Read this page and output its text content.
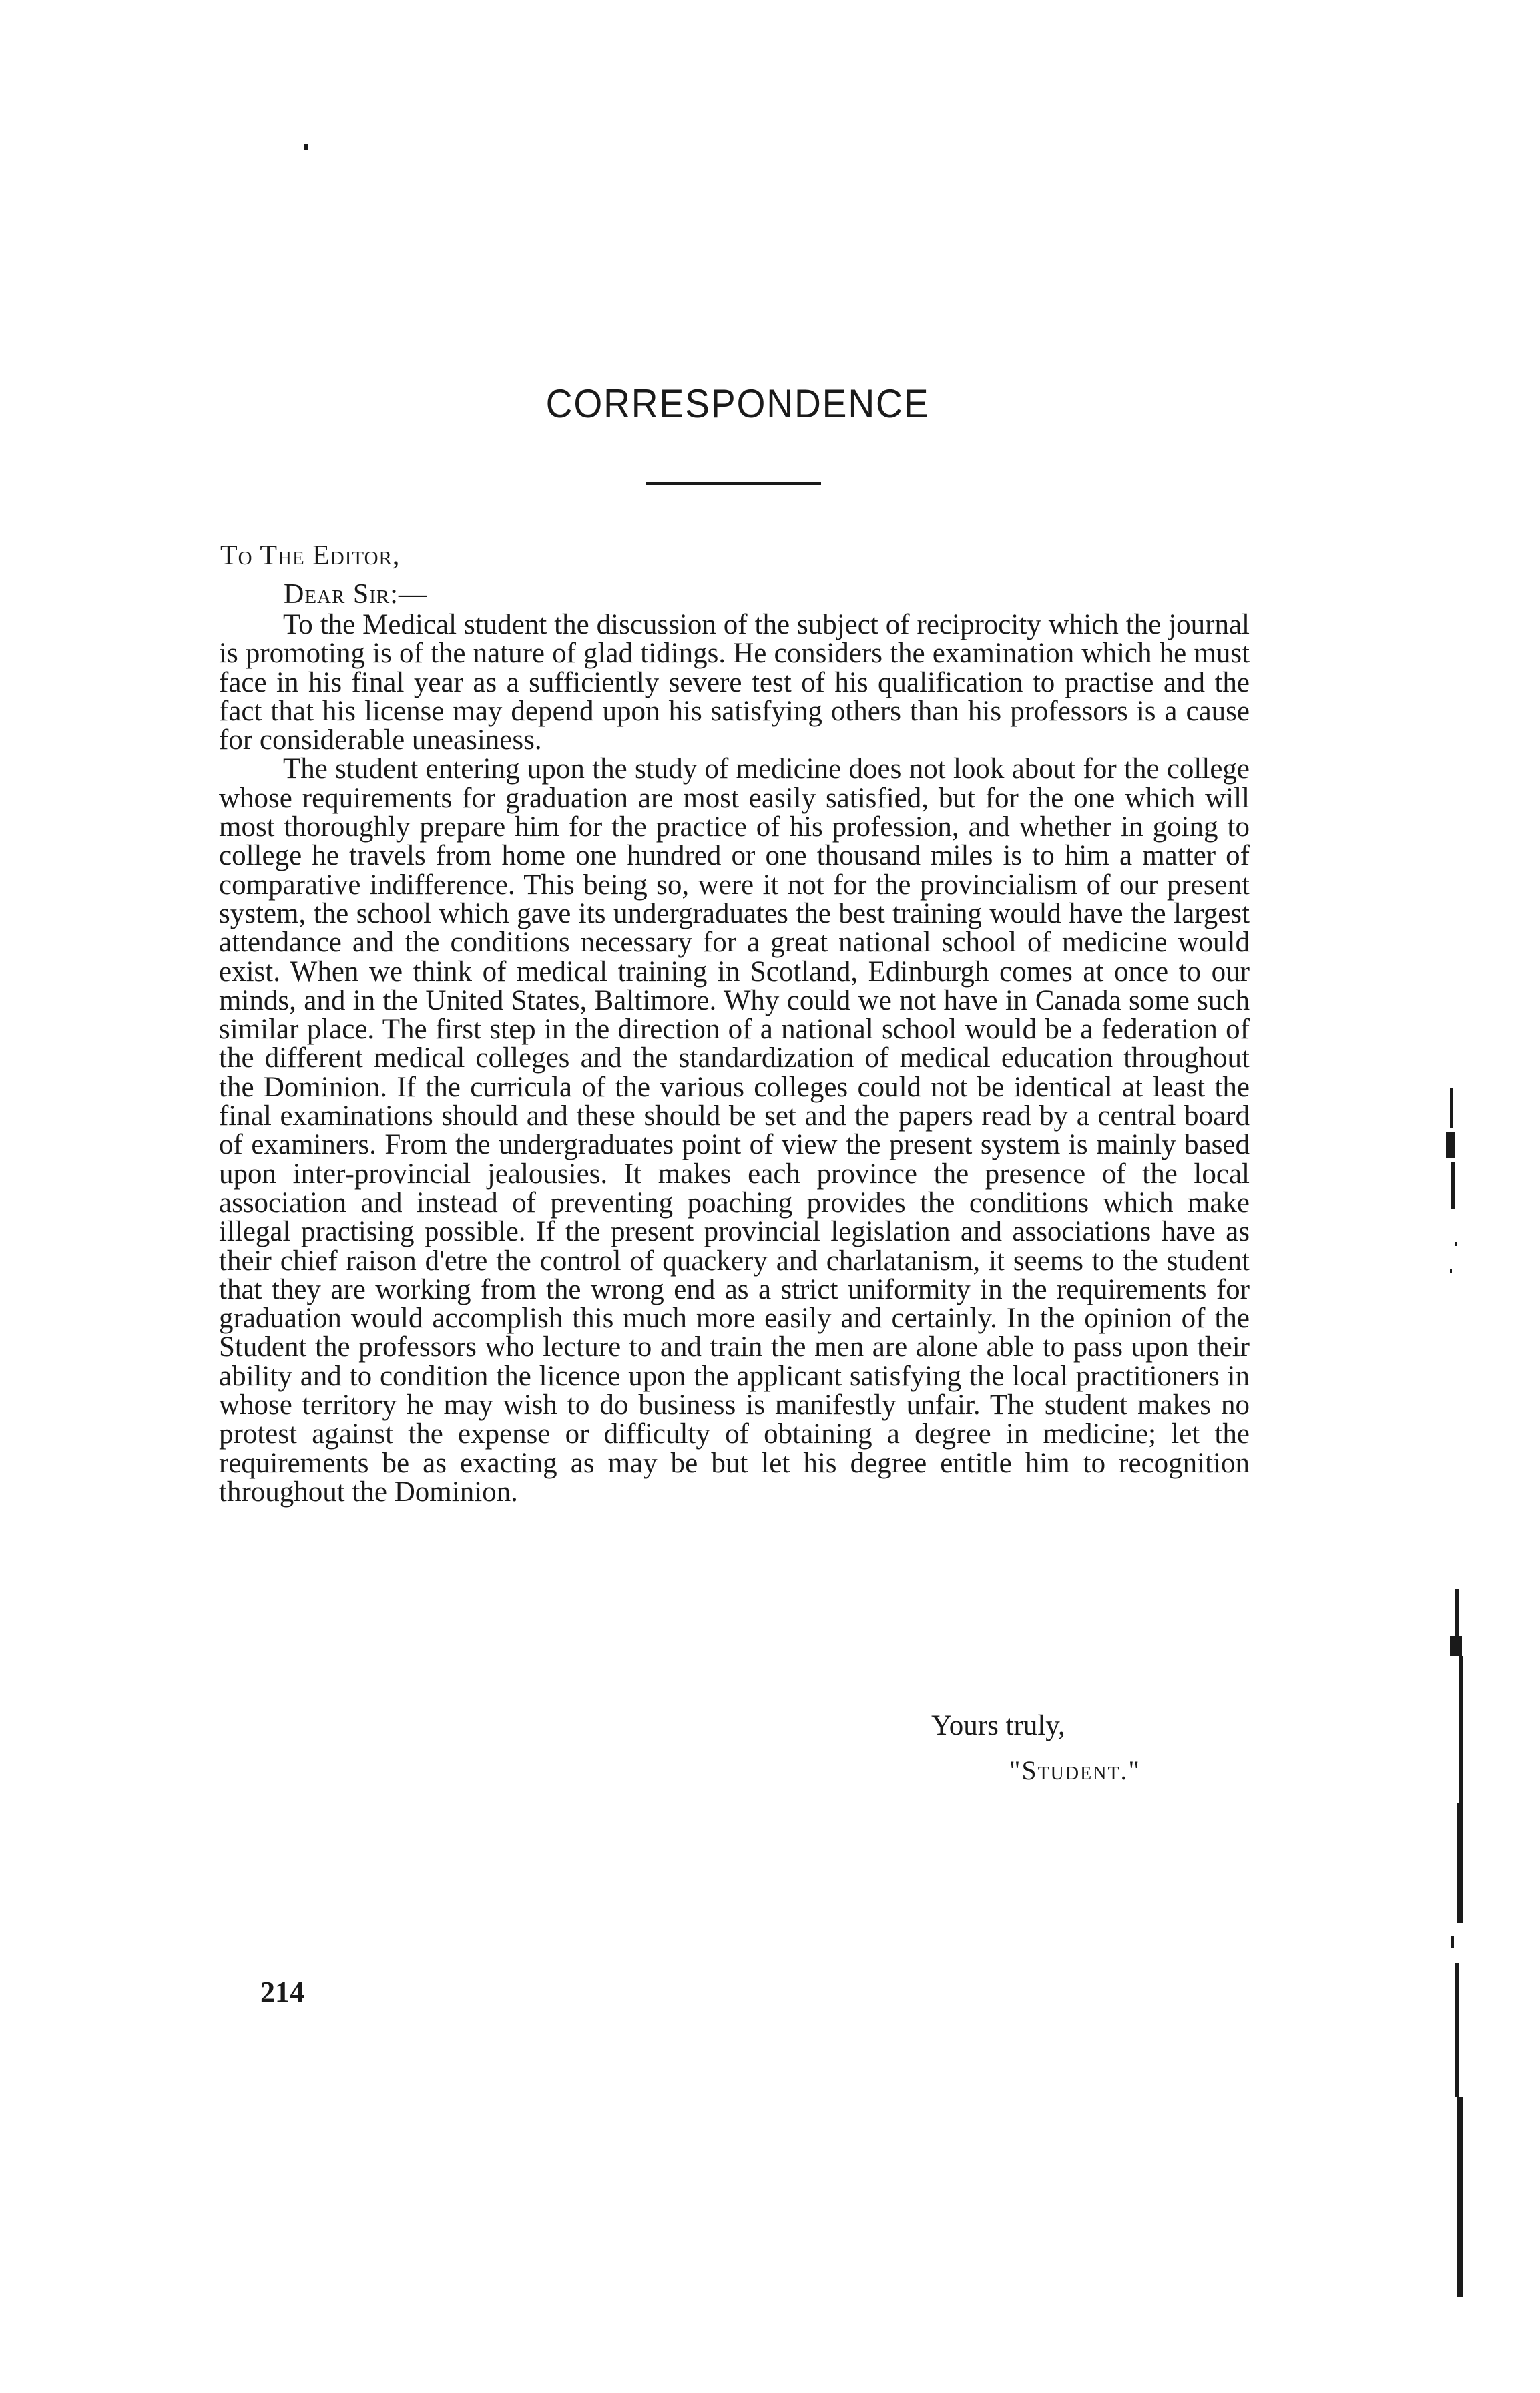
CORRESPONDENCE
To The Editor,
Dear Sir:—

To the Medical student the discussion of the subject of reciprocity which the journal is promoting is of the nature of glad tidings. He considers the examination which he must face in his final year as a sufficiently severe test of his qualification to practise and the fact that his license may depend upon his satisfying others than his professors is a cause for considerable uneasiness.

The student entering upon the study of medicine does not look about for the college whose requirements for graduation are most easily satisfied, but for the one which will most thoroughly prepare him for the practice of his profession, and whether in going to college he travels from home one hundred or one thousand miles is to him a matter of comparative indifference. This being so, were it not for the provincialism of our present system, the school which gave its undergraduates the best training would have the largest attendance and the conditions necessary for a great national school of medicine would exist. When we think of medical training in Scotland, Edinburgh comes at once to our minds, and in the United States, Baltimore. Why could we not have in Canada some such similar place. The first step in the direction of a national school would be a federation of the different medical colleges and the standardization of medical education throughout the Dominion. If the curricula of the various colleges could not be identical at least the final examinations should and these should be set and the papers read by a central board of examiners. From the undergraduates point of view the present system is mainly based upon inter-provincial jealousies. It makes each province the presence of the local association and instead of preventing poaching provides the conditions which make illegal practising possible. If the present provincial legislation and associations have as their chief raison d'etre the control of quackery and charlatanism, it seems to the student that they are working from the wrong end as a strict uniformity in the requirements for graduation would accomplish this much more easily and certainly. In the opinion of the Student the professors who lecture to and train the men are alone able to pass upon their ability and to condition the licence upon the applicant satisfying the local practitioners in whose territory he may wish to do business is manifestly unfair. The student makes no protest against the expense or difficulty of obtaining a degree in medicine; let the requirements be as exacting as may be but let his degree entitle him to recognition throughout the Dominion.

Yours truly,
"Student."
214
